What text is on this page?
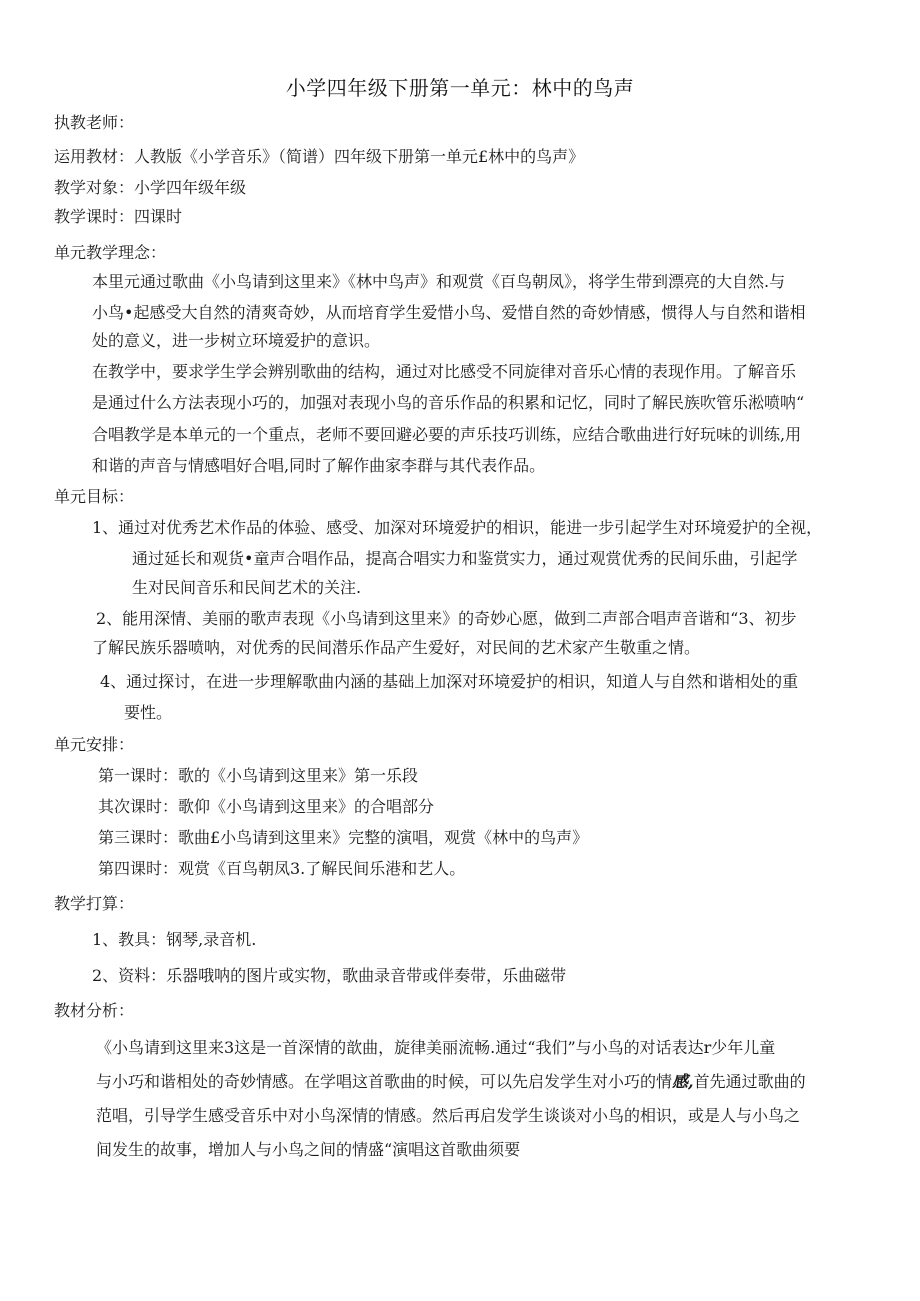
小学四年级下册第一单元：林中的鸟声
执教老师：
运用教材：人教版《小学音乐》（简谱）四年级下册第一单元£林中的鸟声》
教学对象：小学四年级年级
教学课时：四课时
单元教学理念：
本里元通过歌曲《小鸟请到这里来》《林中鸟声》和观赏《百鸟朝凤》，将学生带到漂亮的大自然.与
小鸟•起感受大自然的清爽奇妙，从而培育学生爱惜小鸟、爱惜自然的奇妙情感，惯得人与自然和谐相
处的意义，进一步树立环境爱护的意识。
在教学中，要求学生学会辨别歌曲的结构，通过对比感受不同旋律对音乐心情的表现作用。了解音乐
是通过什么方法表现小巧的，加强对表现小鸟的音乐作品的积累和记忆，同时了解民族吹管乐淞喷呐“
合唱教学是本单元的一个重点，老师不要回避必要的声乐技巧训练，应结合歌曲进行好玩味的训练,用
和谐的声音与情感唱好合唱,同时了解作曲家李群与其代表作品。
单元目标：
1、通过对优秀艺术作品的体验、感受、加深对环境爱护的相识，能进一步引起学生对环境爱护的全视，
通过延长和观货•童声合唱作品，提高合唱实力和鉴赏实力，通过观赏优秀的民间乐曲，引起学
生对民间音乐和民间艺术的关注.
2、能用深情、美丽的歌声表现《小鸟请到这里来》的奇妙心愿，做到二声部合唱声音谐和“3、初步
了解民族乐器喷呐，对优秀的民间潜乐作品产生爱好，对民间的艺术家产生敬重之情。
4、通过探讨，在进一步理解歌曲内涵的基础上加深对环境爱护的相识，知道人与自然和谐相处的重
要性。
单元安排：
第一课时：歌的《小鸟请到这里来》第一乐段
其次课时：歌仰《小鸟请到这里来》的合唱部分
第三课时：歌曲£小鸟请到这里来》完整的演唱，观赏《林中的鸟声》
第四课时：观赏《百鸟朝凤3.了解民间乐港和艺人。
教学打算：
1、教具：钢琴,录音机.
2、资料：乐器哦呐的图片或实物，歌曲录音带或伴奏带，乐曲磁带
教材分析：
《小鸟请到这里来3这是一首深情的歆曲，旋律美丽流畅.通过“我们”与小鸟的对话表达r少年儿童
与小巧和谐相处的奇妙情感。在学唱这首歌曲的时候，可以先启发学生对小巧的情感,首先通过歌曲的
范唱，引导学生感受音乐中对小鸟深情的情感。然后再启发学生谈谈对小鸟的相识，或是人与小鸟之
间发生的故事，增加人与小鸟之间的情盛“演唱这首歌曲须要
